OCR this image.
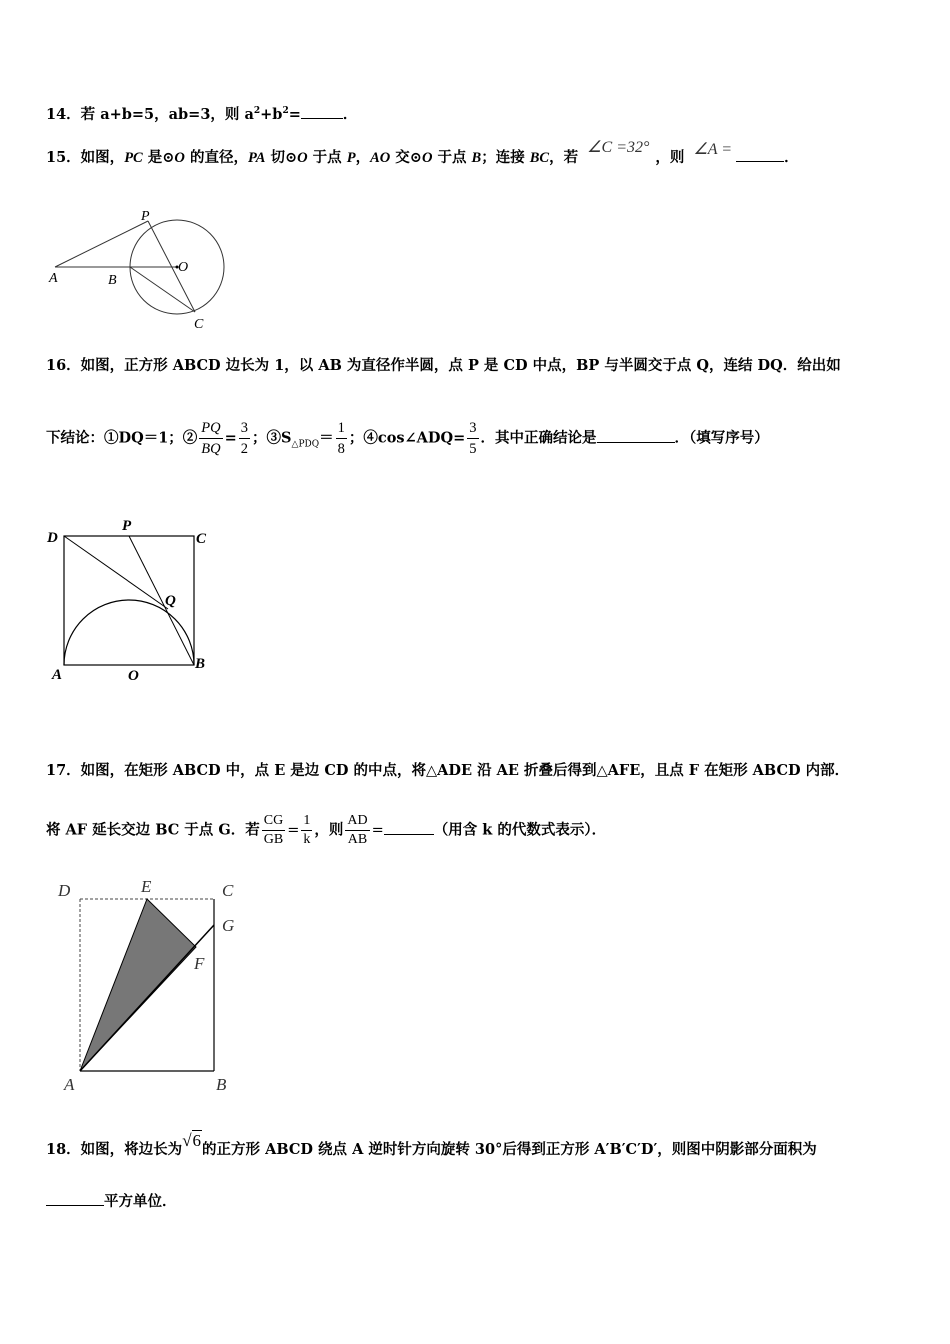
14．若 a+b=5，ab=3，则 $a^2+b^2=$	．
15．如图，PC 是⊙O 的直径，PA 切⊙O 于点 P，AO 交⊙O 于点 B；连接 BC，若 ∠C =32°，则 ∠A =	．
P
A	B
O
C
16．如图，正方形 ABCD 边长为 1，以 AB 为直径作半圆，点 P 是 CD 中点，BP 与半圆交于点 Q，连结 DQ．给出如
下结论：①DQ＝1；② $\frac{PQ}{BQ} = \frac{3}{2}$ ；$③S_{\triangle PDQ}= \frac{1}{8}$ ；④cos∠ADQ= $\frac{3}{5}$ ．其中正确结论是	．（填写序号）
D
P
C
Q
A	O
B
17．如图，在矩形 ABCD 中，点 E 是边 CD 的中点，将△ADE 沿 AE 折叠后得到△AFE，且点 F 在矩形 ABCD 内部．
将 AF 延长交边 BC 于点 G．若 $\frac{CG}{GB} = \frac{1}{k}$ ，则 $\frac{AD}{AB}$ =	（用含 k 的代数式表示）．
D	E	C
G
F
A	B
18．如图，将边长为√6的正方形 ABCD 绕点 A 逆时针方向旋转 30°后得到正方形 A′B′C′D′，则图中阴影部分面积为
平方单位．
